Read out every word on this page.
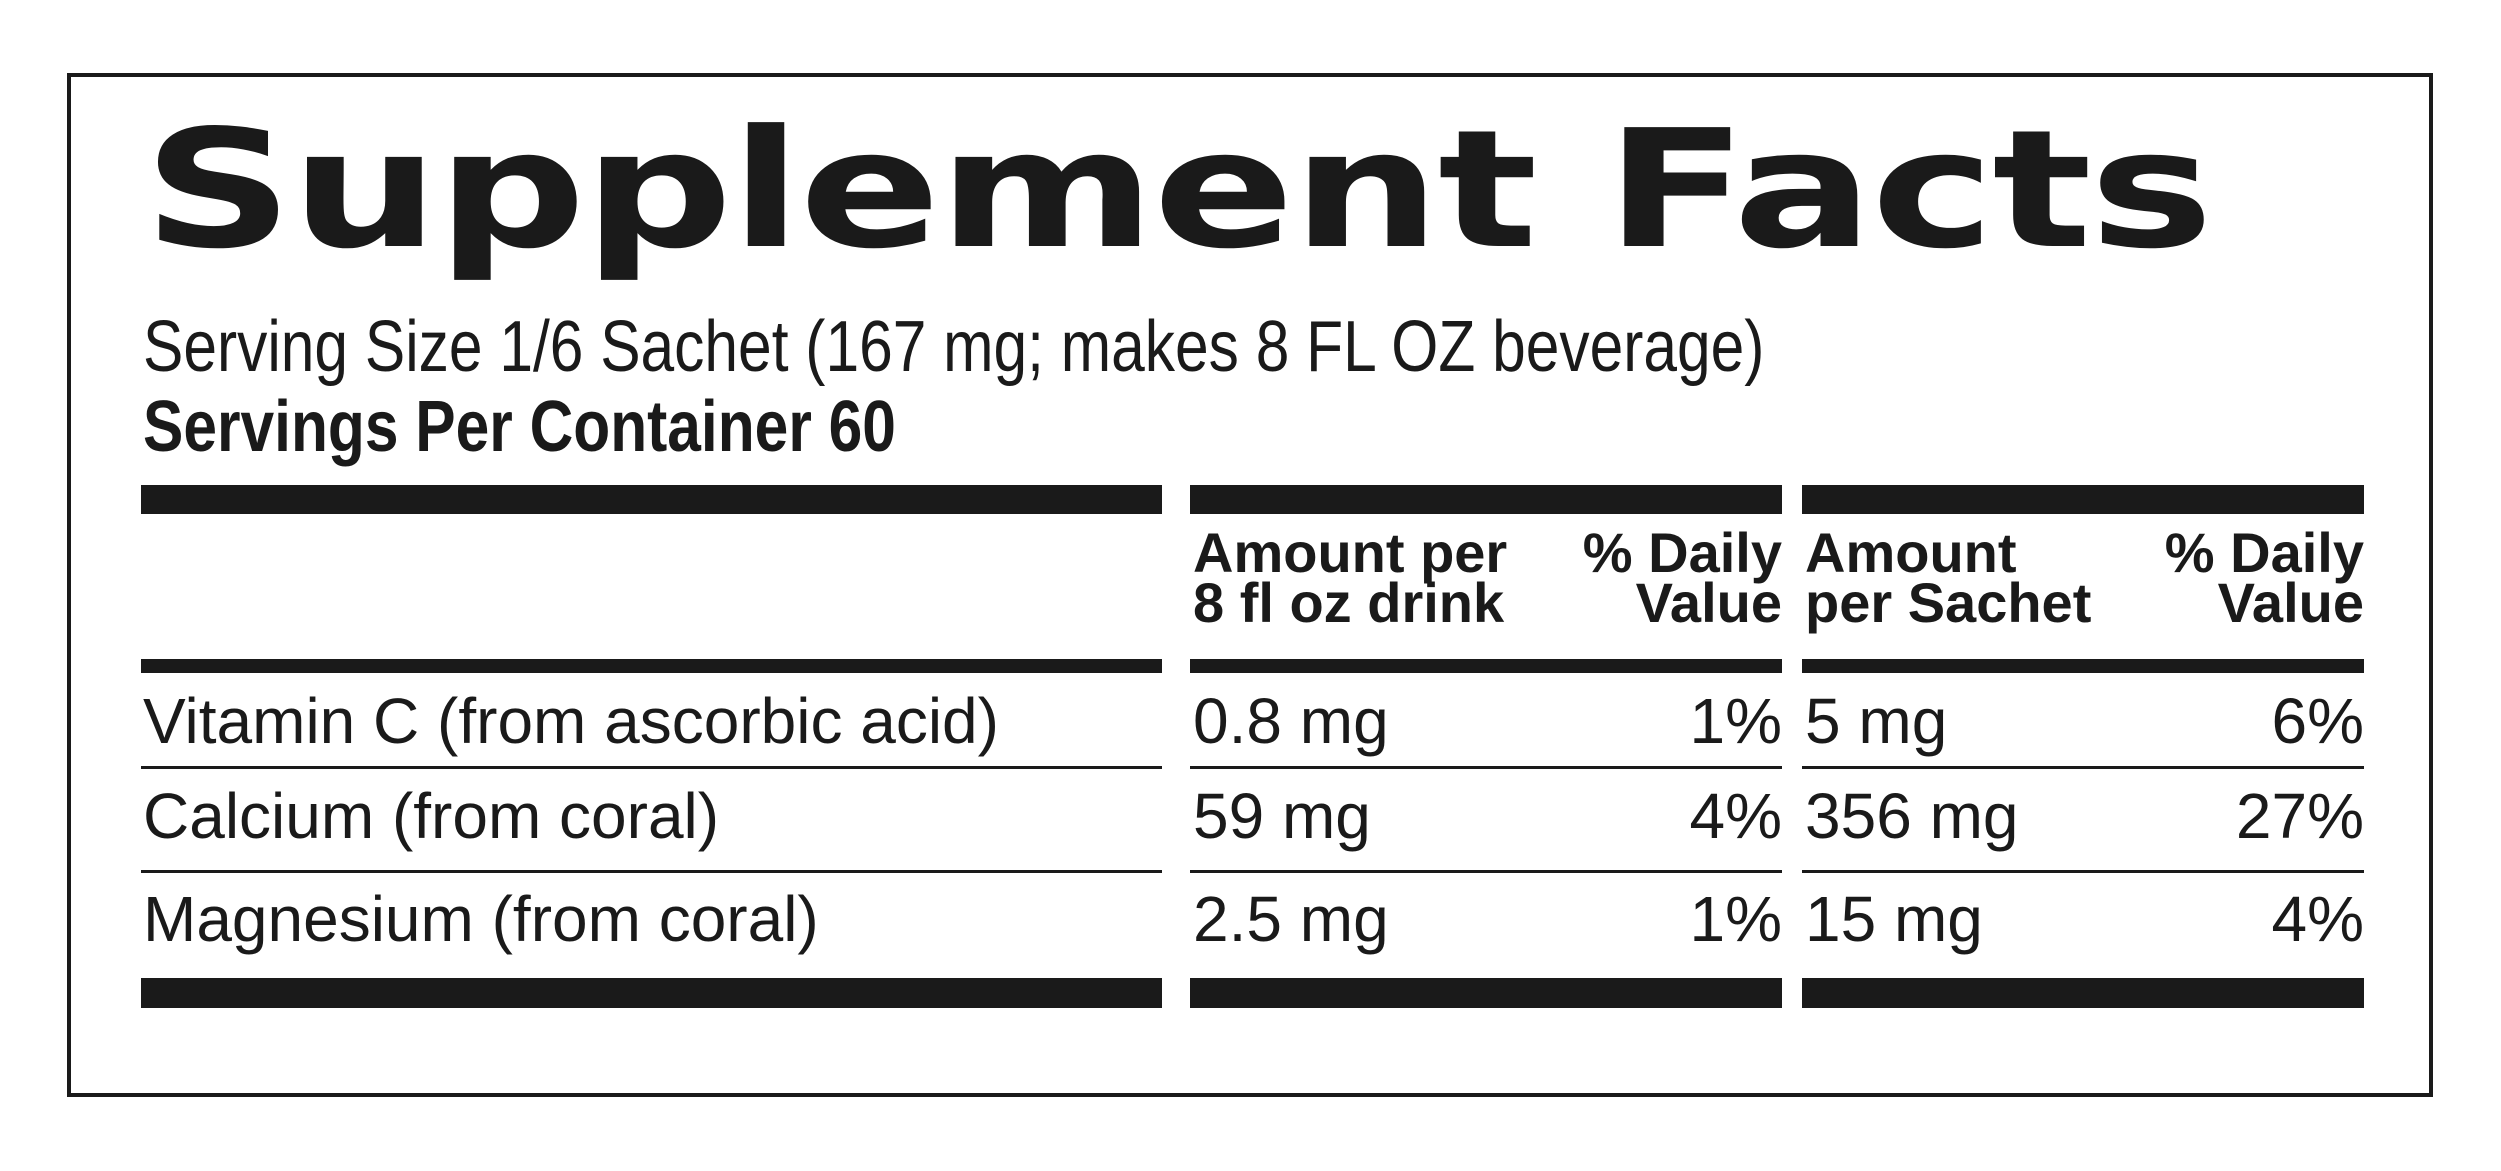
Supplement Facts
Serving Size 1/6 Sachet (167 mg; makes 8 FL OZ beverage)
Servings Per Container 60
Amount per
8 fl oz drink
% Daily
Value
Amount
per Sachet
% Daily
Value
Vitamin C (from ascorbic acid)	0.8 mg	1% 5 mg	6%
Calcium (from coral)	59 mg	4% 356 mg	27%
Magnesium (from coral)	2.5 mg	1% 15 mg	4%
